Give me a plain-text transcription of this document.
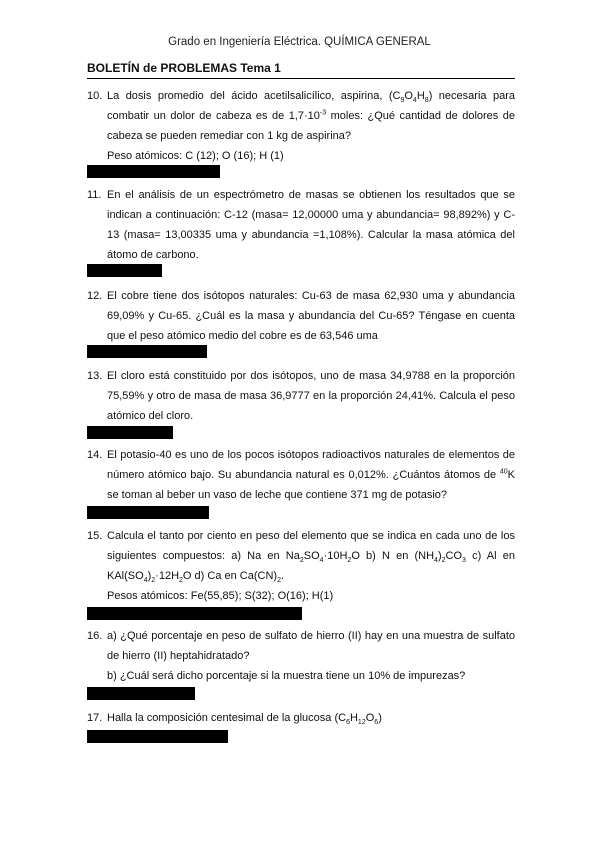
Grado en Ingeniería Eléctrica. QUÍMICA GENERAL
BOLETÍN de PROBLEMAS Tema 1
10. La dosis promedio del ácido acetilsalicílico, aspirina, $(C_9O_4H_8)$ necesaria para combatir un dolor de cabeza es de $1,7\cdot 10^{-3}$ moles: ¿Qué cantidad de dolores de cabeza se pueden remediar con 1 kg de aspirina?
Peso atómicos: C (12); O (16); H (1)
11. En el análisis de un espectrómetro de masas se obtienen los resultados que se indican a continuación: C-12 (masa= 12,00000 uma y abundancia= 98,892%) y C-13 (masa= 13,00335 uma y abundancia =1,108%). Calcular la masa atómica del átomo de carbono.
12. El cobre tiene dos isótopos naturales: Cu-63 de masa 62,930 uma y abundancia 69,09% y Cu-65. ¿Cuál es la masa y abundancia del Cu-65? Téngase en cuenta que el peso atómico medio del cobre es de 63,546 uma
13. El cloro está constituido por dos isótopos, uno de masa 34,9788 en la proporción 75,59% y otro de masa de masa 36,9777 en la proporción 24,41%. Calcula el peso atómico del cloro.
14. El potasio-40 es uno de los pocos isótopos radioactivos naturales de elementos de número atómico bajo. Su abundancia natural es 0,012%. ¿Cuántos átomos de $^{40}$K se toman al beber un vaso de leche que contiene 371 mg de potasio?
15. Calcula el tanto por ciento en peso del elemento que se indica en cada uno de los siguientes compuestos: a) Na en $Na_2SO_4\cdot 10H_2O$ b) N en $(NH_4)_2CO_3$ c) Al en $KAl(SO_4)_2\cdot 12H_2O$ d) Ca en $Ca(CN)_2$.
Pesos atómicos: Fe(55,85); S(32); O(16); H(1)
16. a) ¿Qué porcentaje en peso de sulfato de hierro (II) hay en una muestra de sulfato de hierro (II) heptahidratado?
b) ¿Cuál será dicho porcentaje si la muestra tiene un 10% de impurezas?
17. Halla la composición centesimal de la glucosa $(C_6H_{12}O_6)$
